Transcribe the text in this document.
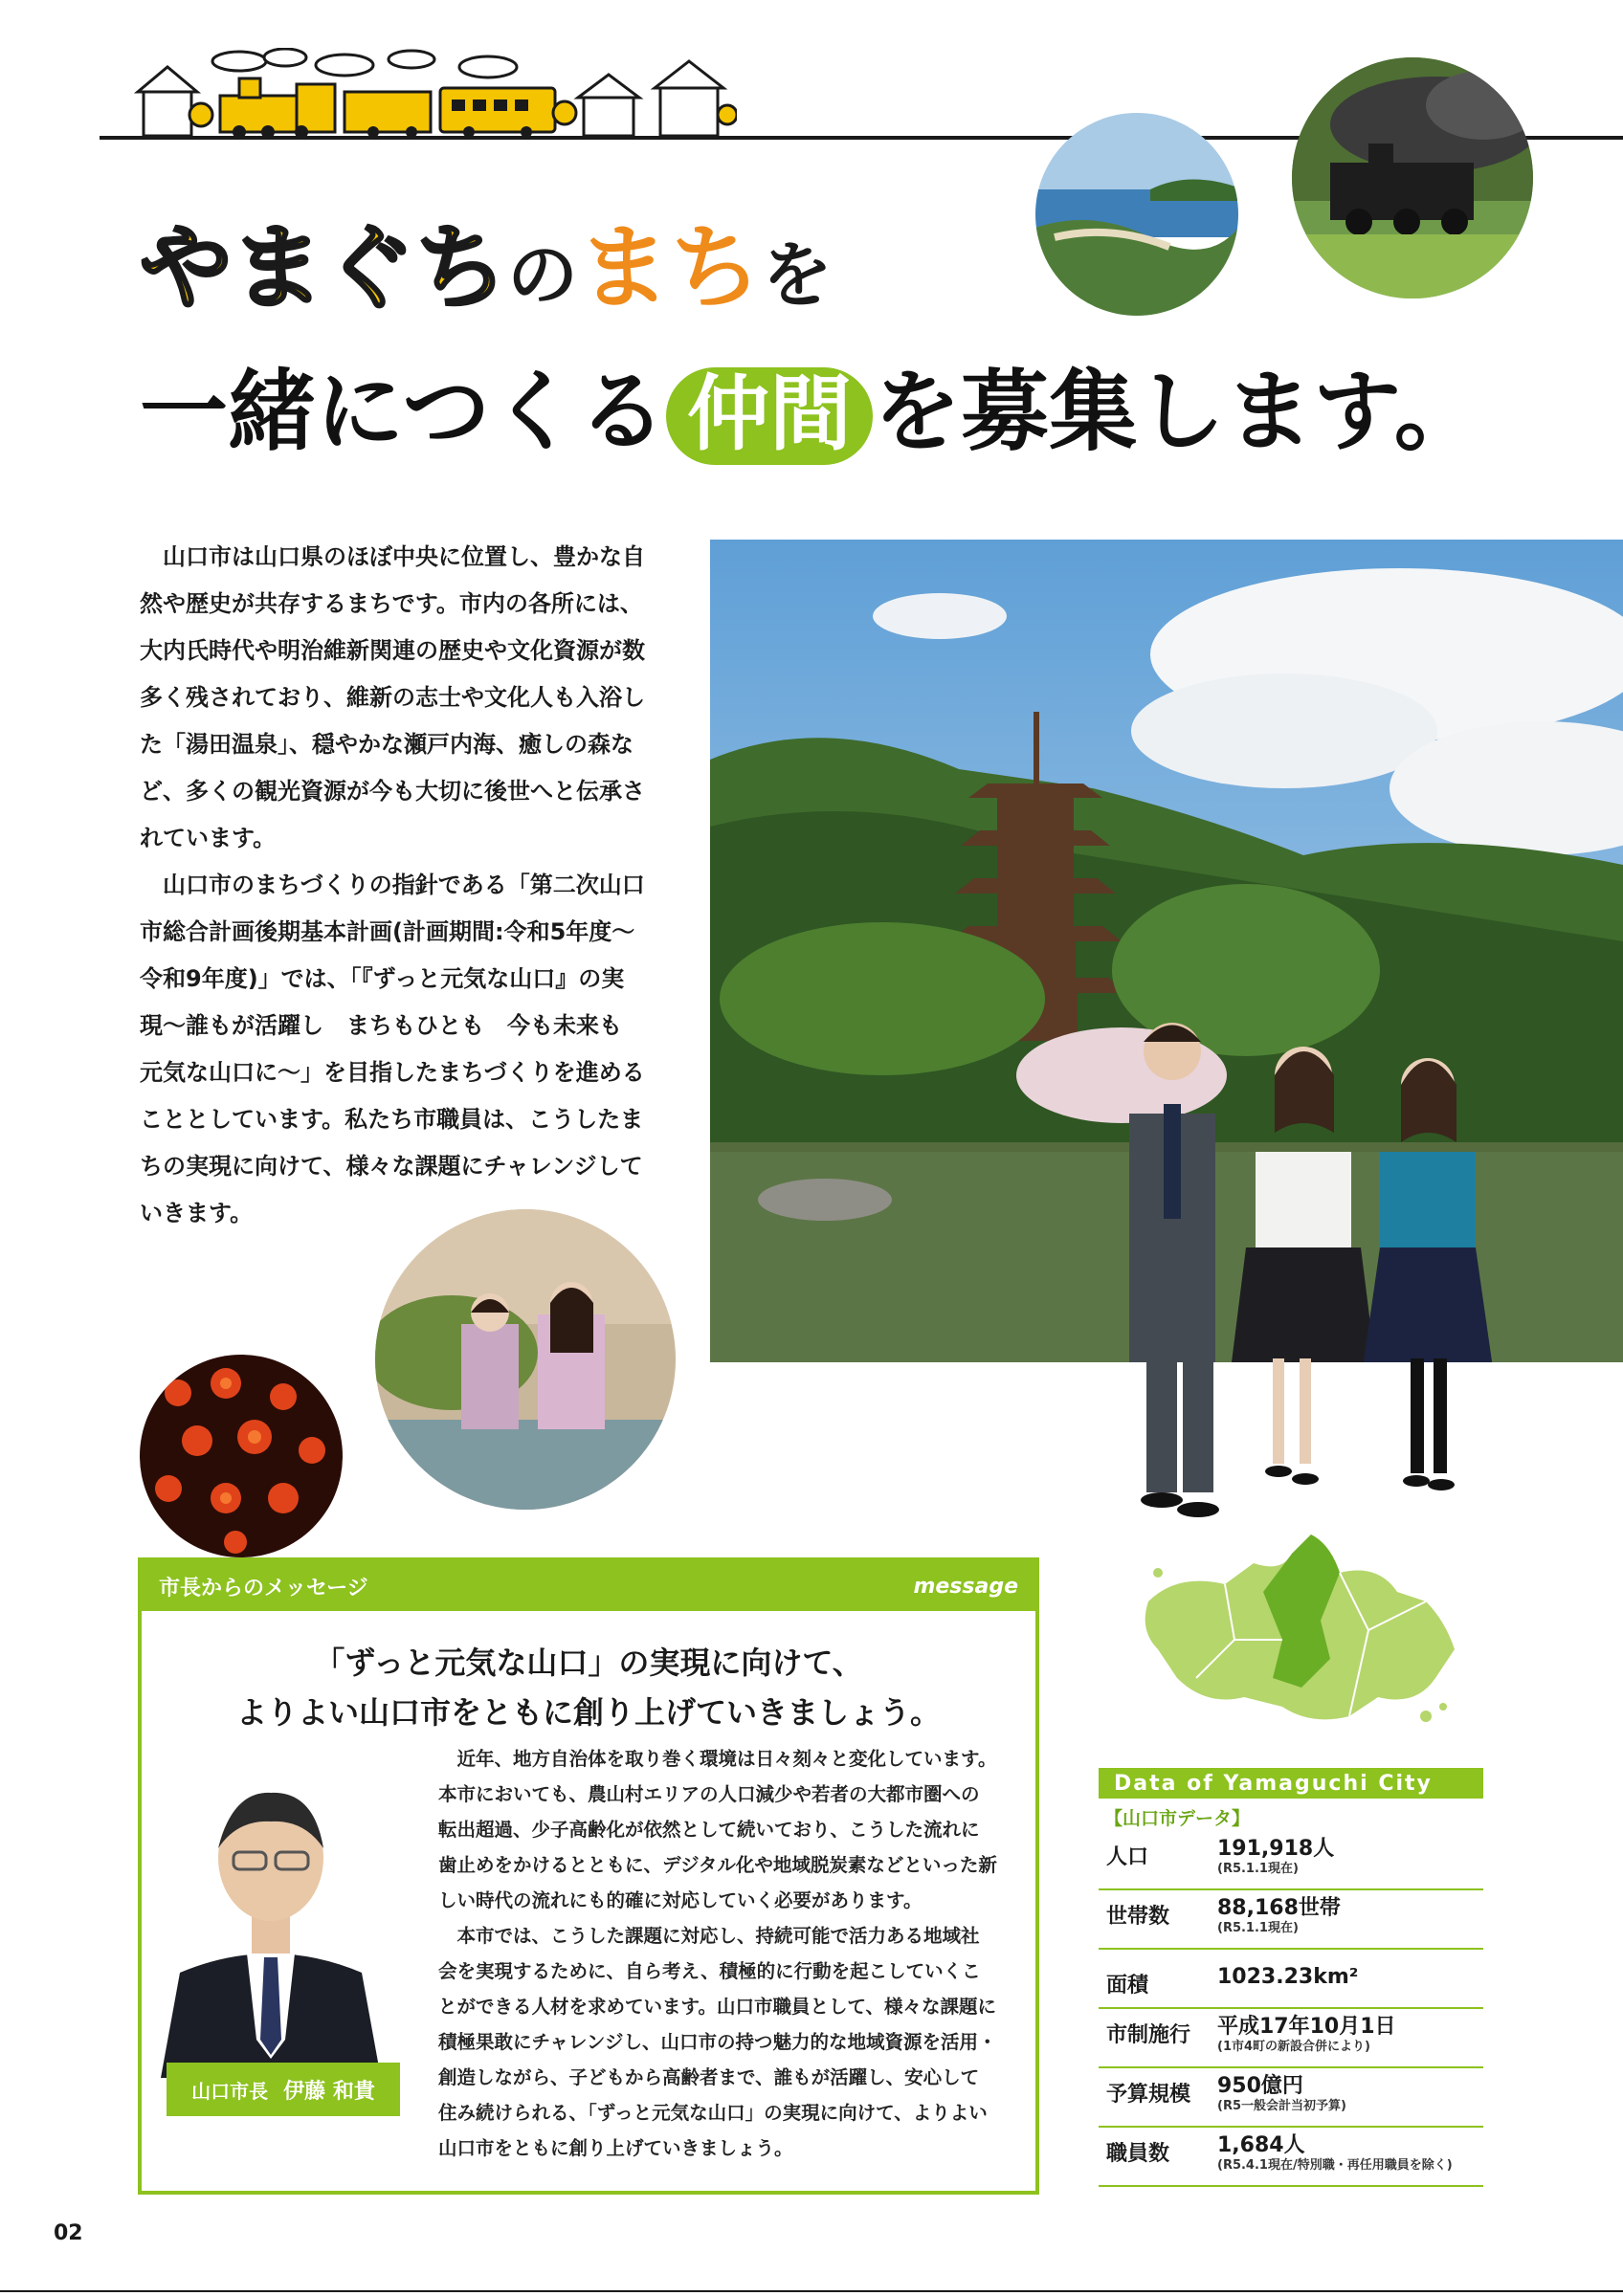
やまぐちのまちを
一緒につくる 仲間 を募集します。

山口市は山口県のほぼ中央に位置し、豊かな自然や歴史が共存するまちです。市内の各所には、大内氏時代や明治維新関連の歴史や文化資源が数多く残されており、維新の志士や文化人も入浴した「湯田温泉」、穏やかな瀬戸内海、癒しの森など、多くの観光資源が今も大切に後世へと伝承されています。

山口市のまちづくりの指針である「第二次山口市総合計画後期基本計画(計画期間:令和5年度〜令和9年度)」では、「『ずっと元気な山口』の実現〜誰もが活躍し　まちもひとも　今も未来も　元気な山口に〜」を目指したまちづくりを進めることとしています。私たち市職員は、こうしたまちの実現に向けて、様々な課題にチャレンジしていきます。

市長からのメッセージ	message
「ずっと元気な山口」の実現に向けて、
よりよい山口市をともに創り上げていきましょう。
山口市長 伊藤 和貴

近年、地方自治体を取り巻く環境は日々刻々と変化しています。本市においても、農山村エリアの人口減少や若者の大都市圏への転出超過、少子高齢化が依然として続いており、こうした流れに歯止めをかけるとともに、デジタル化や地域脱炭素などといった新しい時代の流れにも的確に対応していく必要があります。

本市では、こうした課題に対応し、持続可能で活力ある地域社会を実現するために、自ら考え、積極的に行動を起こしていくことができる人材を求めています。山口市職員として、様々な課題に積極果敢にチャレンジし、山口市の持つ魅力的な地域資源を活用・創造しながら、子どもから高齢者まで、誰もが活躍し、安心して住み続けられる、「ずっと元気な山口」の実現に向けて、よりよい山口市をともに創り上げていきましょう。

Data of Yamaguchi City
【山口市データ】
人口	191,918人
(R5.1.1現在)
世帯数	88,168世帯
(R5.1.1現在)
面積	1023.23km²
市制施行	平成17年10月1日
(1市4町の新設合併により)
予算規模	950億円
(R5一般会計当初予算)
職員数	1,684人
(R5.4.1現在/特別職・再任用職員を除く)
02
